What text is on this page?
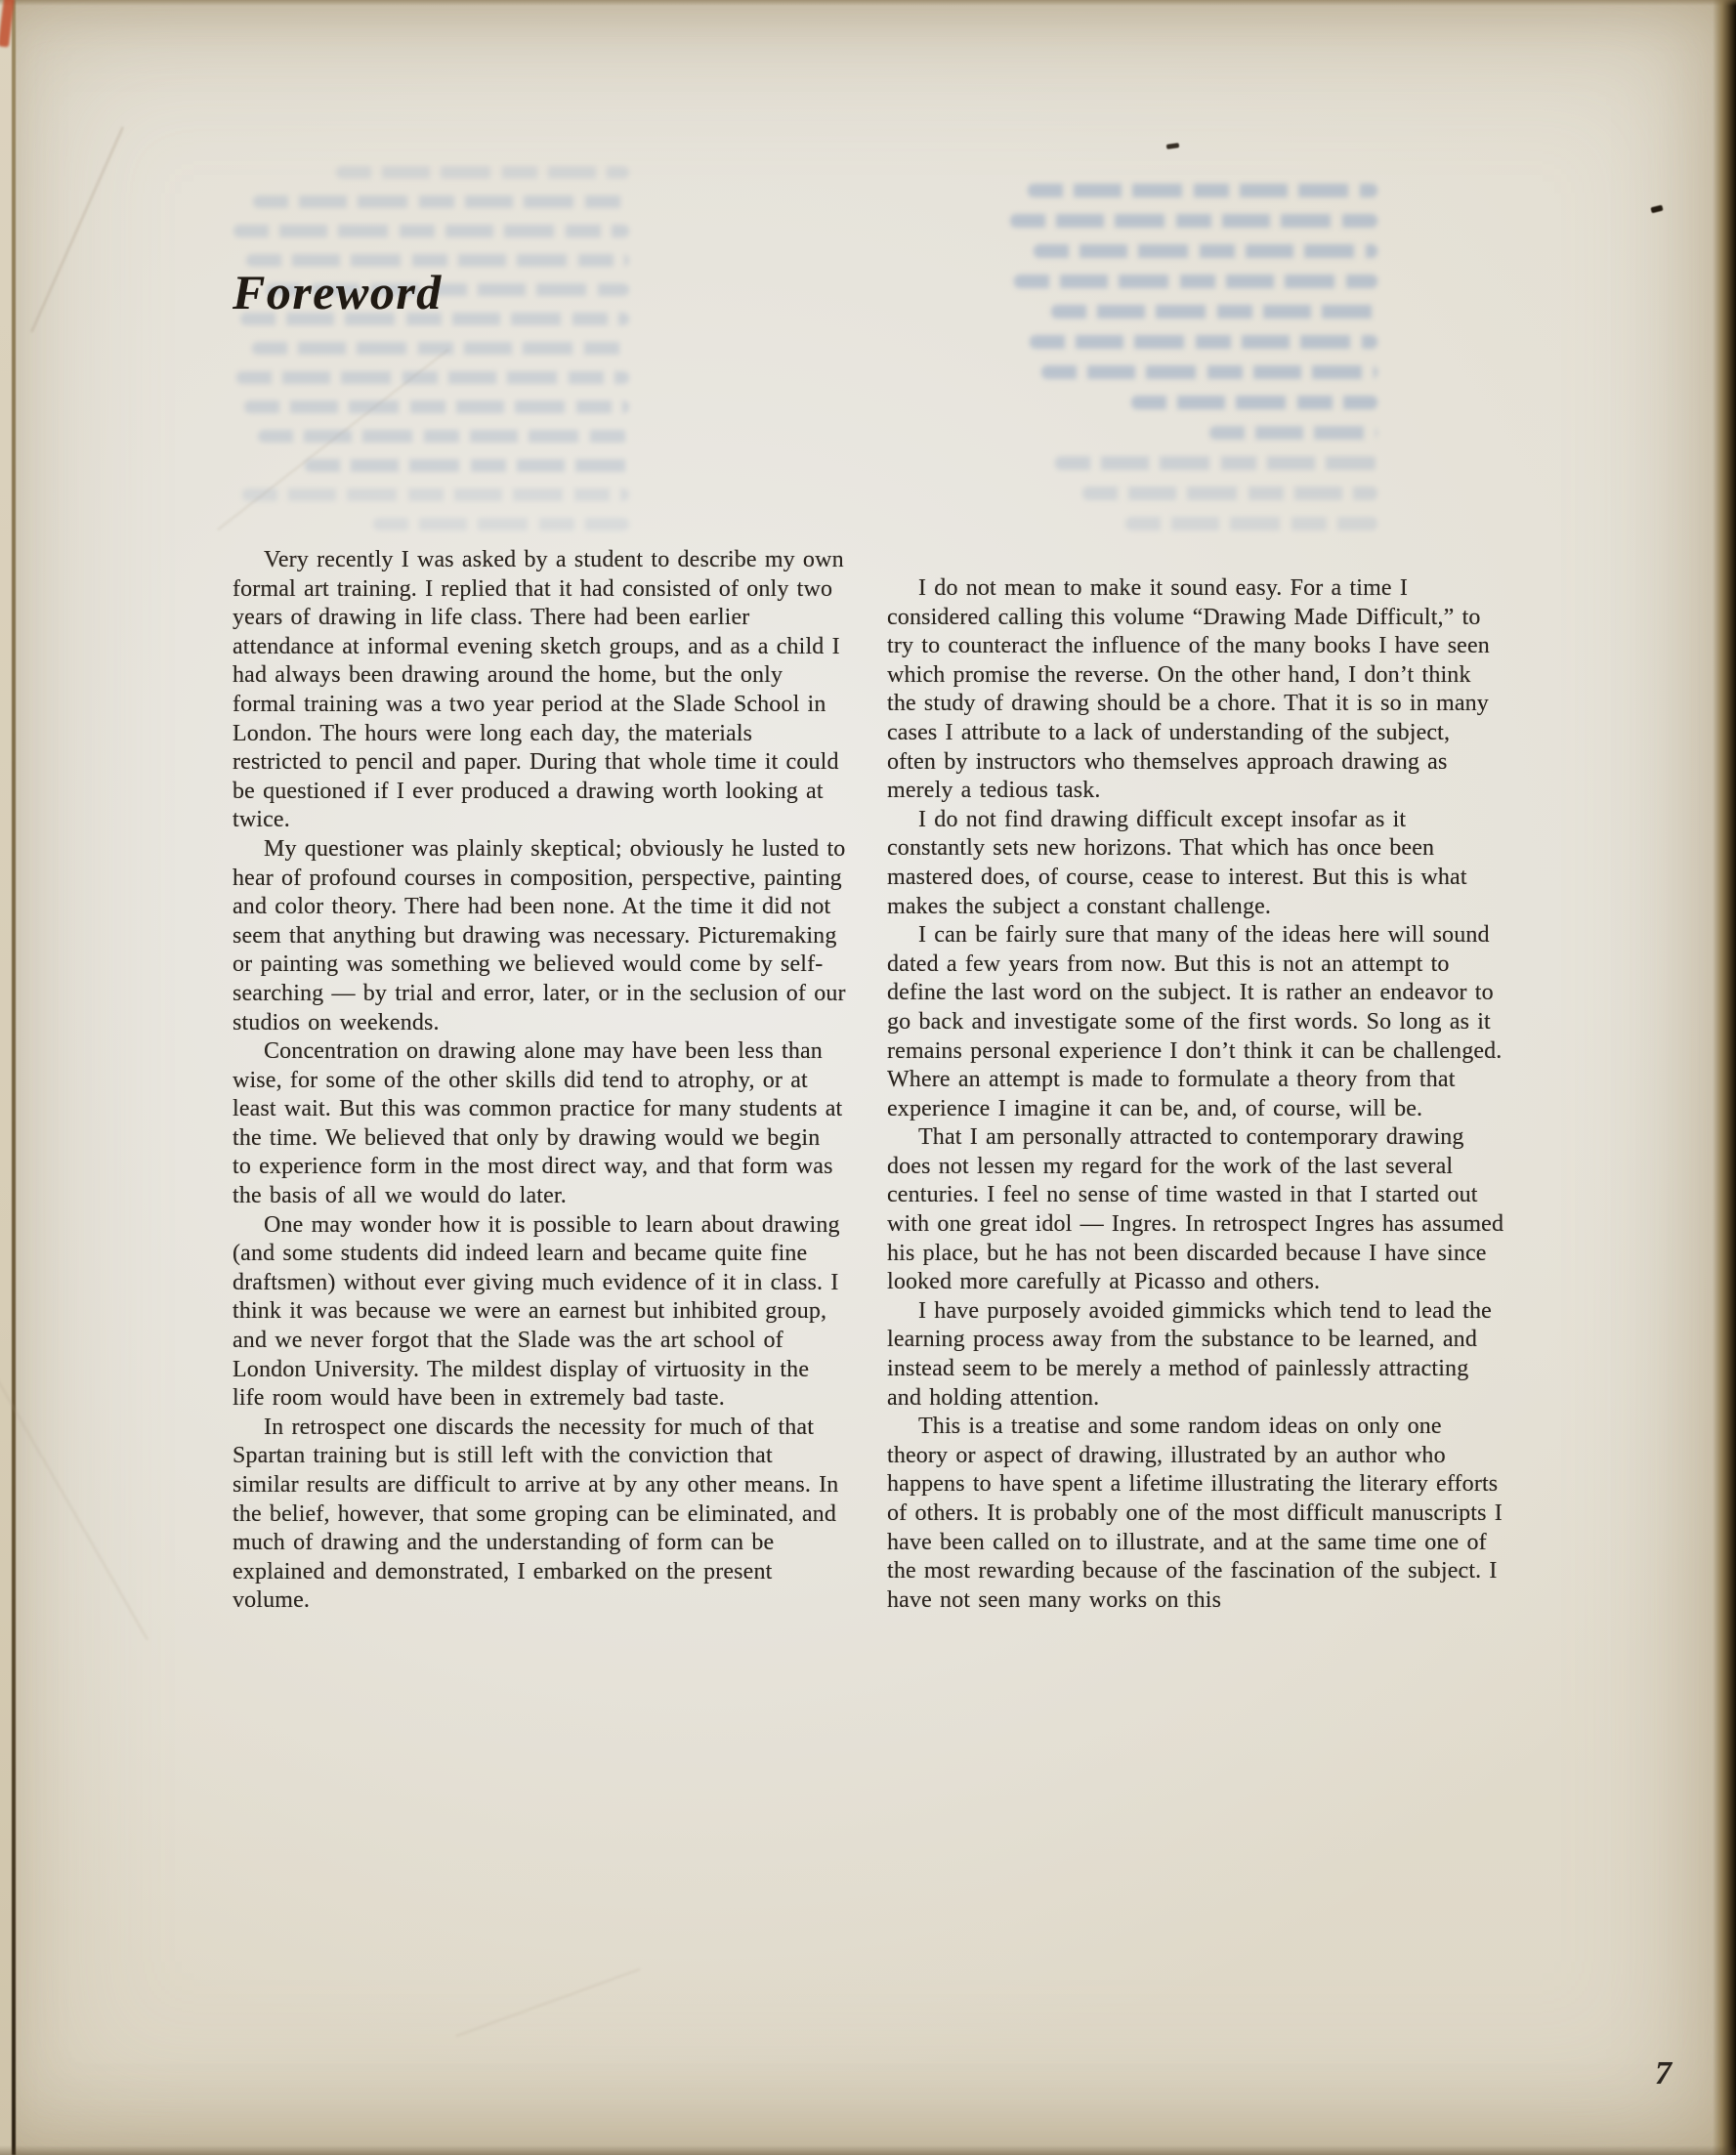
Foreword

Very recently I was asked by a student to describe my own formal art training. I replied that it had consisted of only two years of drawing in life class. There had been earlier attendance at informal evening sketch groups, and as a child I had always been drawing around the home, but the only formal training was a two year period at the Slade School in London. The hours were long each day, the materials restricted to pencil and paper. During that whole time it could be questioned if I ever produced a drawing worth looking at twice.

My questioner was plainly skeptical; obviously he lusted to hear of profound courses in composition, perspective, painting and color theory. There had been none. At the time it did not seem that anything but drawing was necessary. Picturemaking or painting was something we believed would come by self-searching — by trial and error, later, or in the seclusion of our studios on weekends.

Concentration on drawing alone may have been less than wise, for some of the other skills did tend to atrophy, or at least wait. But this was common practice for many students at the time. We believed that only by drawing would we begin to experience form in the most direct way, and that form was the basis of all we would do later.

One may wonder how it is possible to learn about drawing (and some students did indeed learn and became quite fine draftsmen) without ever giving much evidence of it in class. I think it was because we were an earnest but inhibited group, and we never forgot that the Slade was the art school of London University. The mildest display of virtuosity in the life room would have been in extremely bad taste.

In retrospect one discards the necessity for much of that Spartan training but is still left with the conviction that similar results are difficult to arrive at by any other means. In the belief, however, that some groping can be eliminated, and much of drawing and the understanding of form can be explained and demonstrated, I embarked on the present volume.

I do not mean to make it sound easy. For a time I considered calling this volume “Drawing Made Difficult,” to try to counteract the influence of the many books I have seen which promise the reverse. On the other hand, I don’t think the study of drawing should be a chore. That it is so in many cases I attribute to a lack of understanding of the subject, often by instructors who themselves approach drawing as merely a tedious task.

I do not find drawing difficult except insofar as it constantly sets new horizons. That which has once been mastered does, of course, cease to interest. But this is what makes the subject a constant challenge.

I can be fairly sure that many of the ideas here will sound dated a few years from now. But this is not an attempt to define the last word on the subject. It is rather an endeavor to go back and investigate some of the first words. So long as it remains personal experience I don’t think it can be challenged. Where an attempt is made to formulate a theory from that experience I imagine it can be, and, of course, will be.

That I am personally attracted to contemporary drawing does not lessen my regard for the work of the last several centuries. I feel no sense of time wasted in that I started out with one great idol — Ingres. In retrospect Ingres has assumed his place, but he has not been discarded because I have since looked more carefully at Picasso and others.

I have purposely avoided gimmicks which tend to lead the learning process away from the substance to be learned, and instead seem to be merely a method of painlessly attracting and holding attention.

This is a treatise and some random ideas on only one theory or aspect of drawing, illustrated by an author who happens to have spent a lifetime illustrating the literary efforts of others. It is probably one of the most difficult manuscripts I have been called on to illustrate, and at the same time one of the most rewarding because of the fascination of the subject. I have not seen many works on this

7
